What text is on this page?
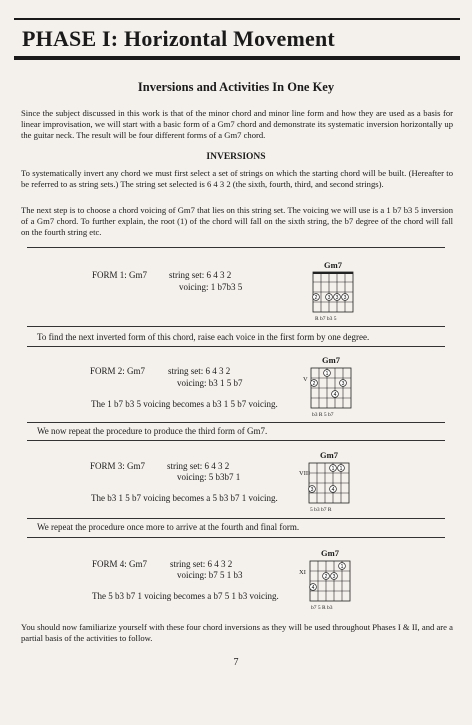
PHASE I: Horizontal Movement
Inversions and Activities In One Key
Since the subject discussed in this work is that of the minor chord and minor line form and how they are used as a basis for linear improvisation, we will start with a basic form of a Gm7 chord and demonstrate its systematic inversion horizontally up the guitar neck. The result will be four different forms of a Gm7 chord.
INVERSIONS
To systematically invert any chord we must first select a set of strings on which the starting chord will be built. (Hereafter to be referred to as string sets.) The string set selected is 6 4 3 2 (the sixth, fourth, third, and second strings).
The next step is to choose a chord voicing of Gm7 that lies on this string set. The voicing we will use is a 1 b7 b3 5 inversion of a Gm7 chord. To further explain, the root (1) of the chord will fall on the sixth string, the b7 degree of the chord will fall on the fourth string etc.
FORM 1: Gm7 string set: 6 4 3 2
voicing: 1 b7b3 5
Gm7
2 3 3 3
R b7 b3 5
To find the next inverted form of this chord, raise each voice in the first form by one degree.
FORM 2: Gm7	string set: 6 4 3 2
voicing: b3 1 5 b7
The 1 b7 b3 5 voicing becomes a b3 1 5 b7 voicing.
Gm7
V
1
2	3
4
b3 R 5 b7
We now repeat the procedure to produce the third form of Gm7.
FORM 3: Gm7 string set: 6 4 3 2
voicing: 5 b3b7 1
The b3 1 5 b7 voicing becomes a 5 b3 b7 1 voicing.
Gm7
VIII
1 1
3	4
5 b3 b7 R
We repeat the procedure once more to arrive at the fourth and final form.
FORM 4: Gm7	string set: 6 4 3 2
voicing: b7 5 1 b3
The 5 b3 b7 1 voicing becomes a b7 5 1 b3 voicing.
Gm7
XI
1
2 3
4
b7 5 R b3
You should now familiarize yourself with these four chord inversions as they will be used throughout Phases I & II, and are a partial basis of the activities to follow.
7
